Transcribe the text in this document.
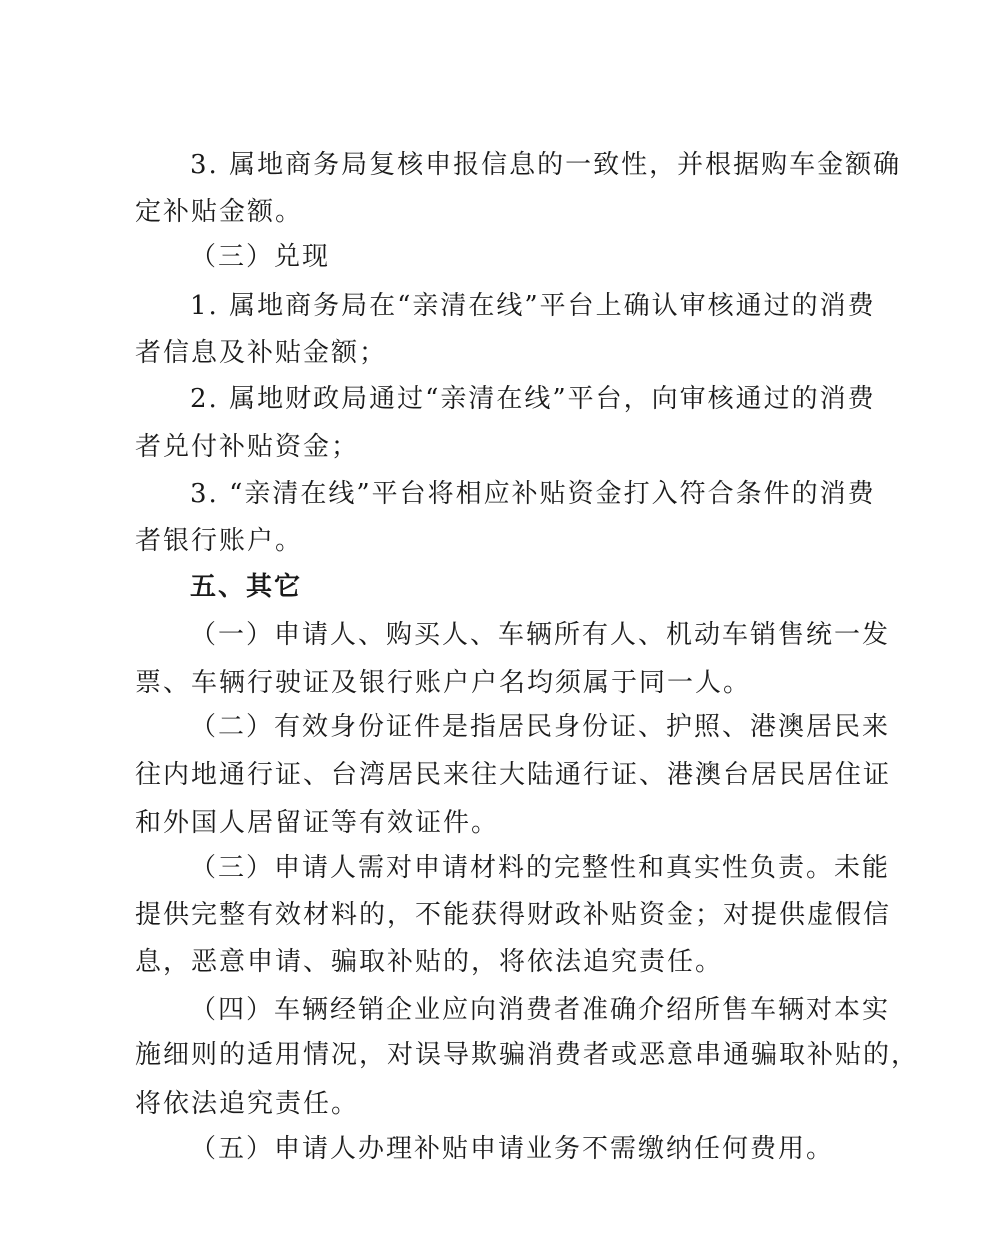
3. 属地商务局复核申报信息的一致性，并根据购车金额确
定补贴金额。
（三）兑现
1. 属地商务局在“亲清在线”平台上确认审核通过的消费
者信息及补贴金额；
2. 属地财政局通过“亲清在线”平台，向审核通过的消费
者兑付补贴资金；
3. “亲清在线”平台将相应补贴资金打入符合条件的消费
者银行账户。
五、其它
（一）申请人、购买人、车辆所有人、机动车销售统一发
票、车辆行驶证及银行账户户名均须属于同一人。
（二）有效身份证件是指居民身份证、护照、港澳居民来
往内地通行证、台湾居民来往大陆通行证、港澳台居民居住证
和外国人居留证等有效证件。
（三）申请人需对申请材料的完整性和真实性负责。未能
提供完整有效材料的，不能获得财政补贴资金；对提供虚假信
息，恶意申请、骗取补贴的，将依法追究责任。
（四）车辆经销企业应向消费者准确介绍所售车辆对本实
施细则的适用情况，对误导欺骗消费者或恶意串通骗取补贴的，
将依法追究责任。
（五）申请人办理补贴申请业务不需缴纳任何费用。
